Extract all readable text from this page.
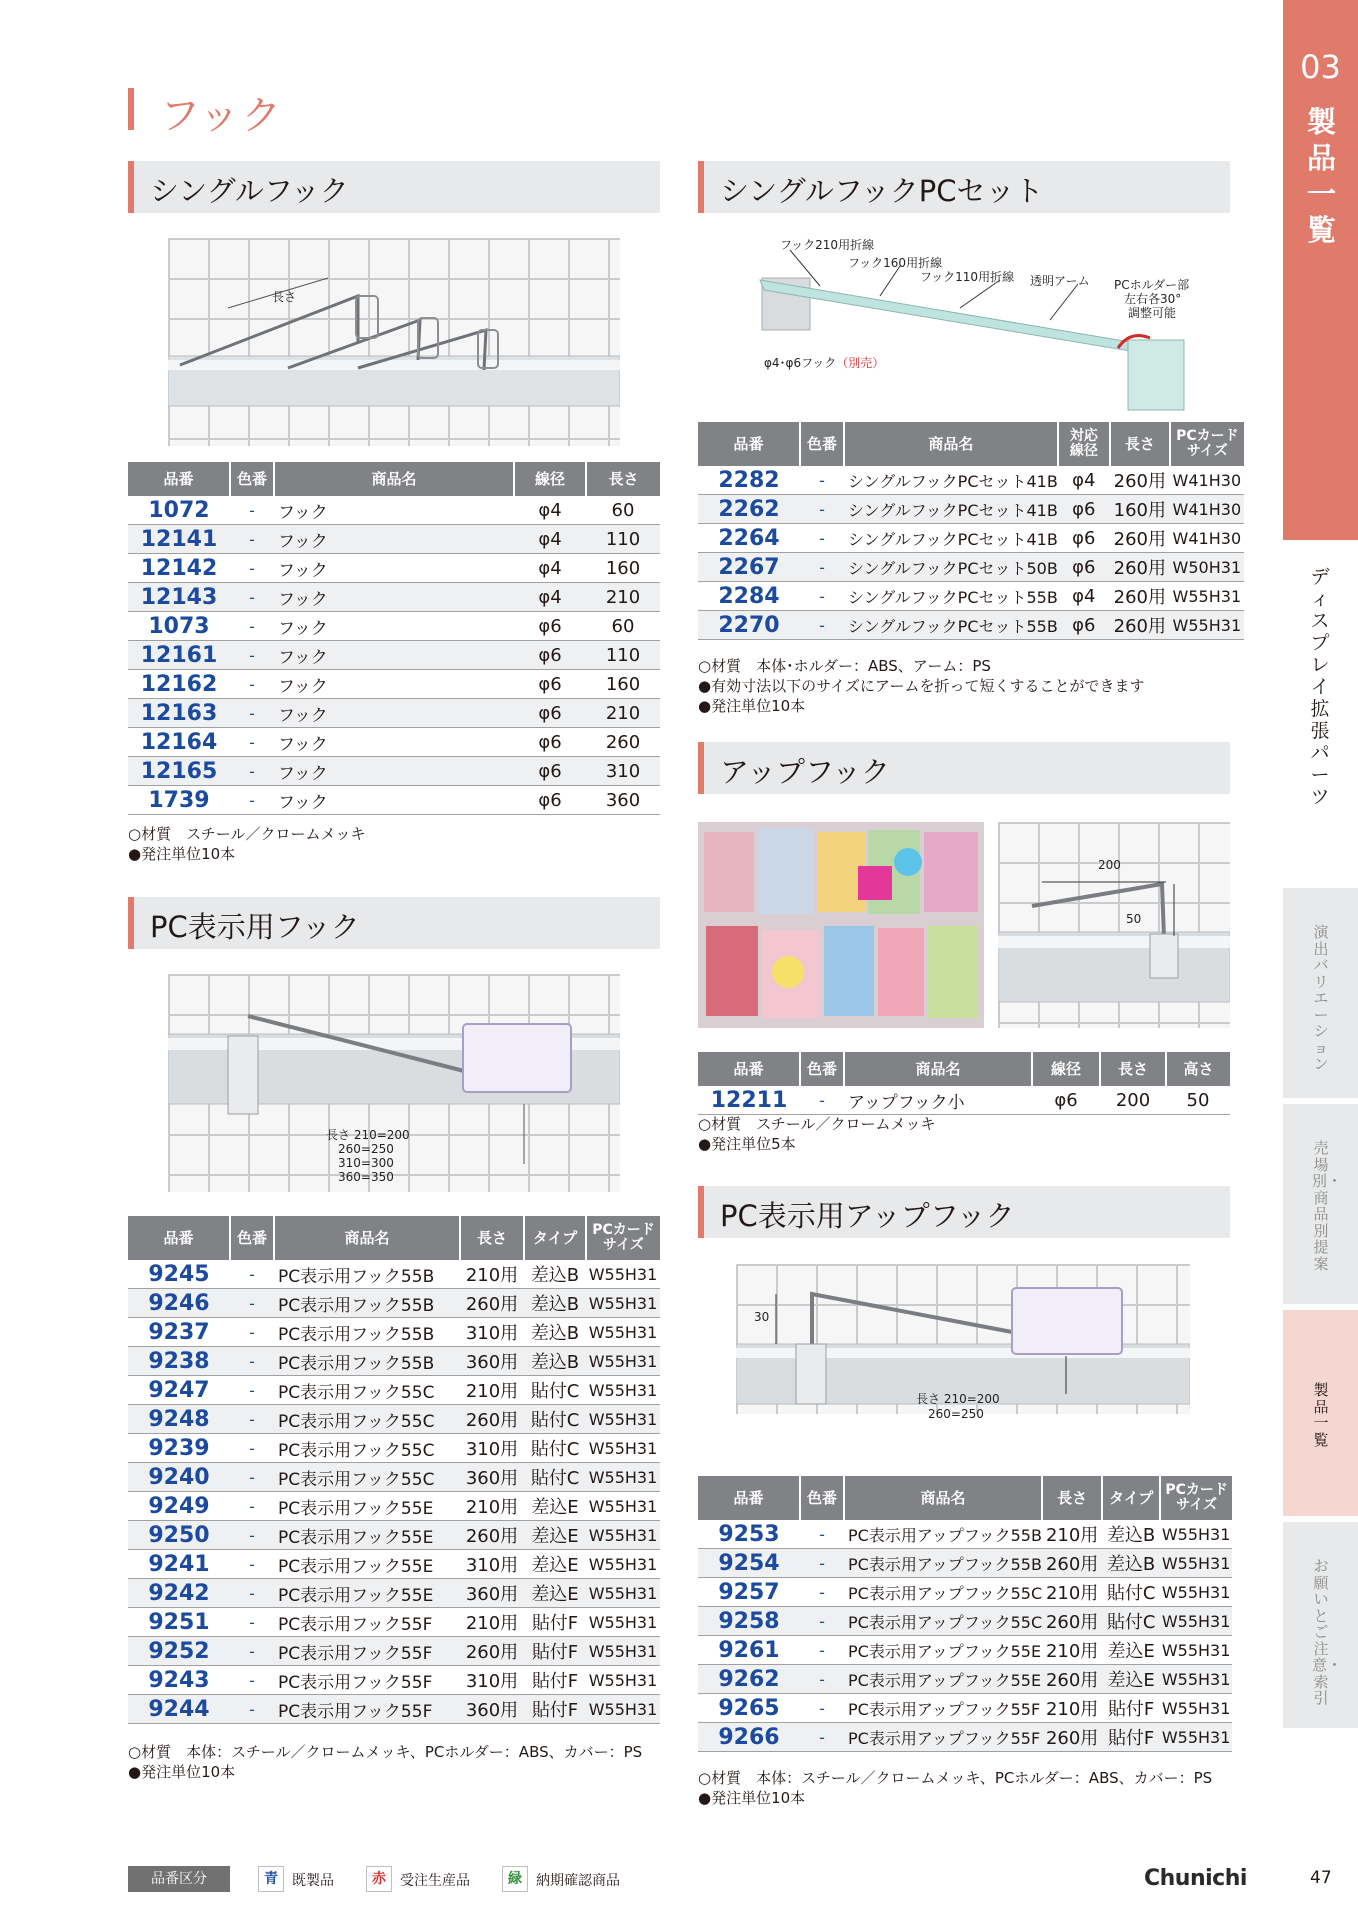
フック
シングルフック
長さ
品番	色番	商品名	線径	長さ
1072	-	フック	φ4	60
12141	-	フック	φ4	110
12142	-	フック	φ4	160
12143	-	フック	φ4	210
1073	-	フック	φ6	60
12161	-	フック	φ6	110
12162	-	フック	φ6	160
12163	-	フック	φ6	210
12164	-	フック	φ6	260
12165	-	フック	φ6	310
1739	-	フック	φ6	360
○材質　スチール／クロームメッキ
●発注単位10本
PC表示用フック
長さ 210=200
260=250
310=300
360=350
品番	色番	商品名	長さ	タイプ	PCカード
サイズ
9245	-	PC表示用フック55B	210用	差込B	W55H31
9246	-	PC表示用フック55B	260用	差込B	W55H31
9237	-	PC表示用フック55B	310用	差込B	W55H31
9238	-	PC表示用フック55B	360用	差込B	W55H31
9247	-	PC表示用フック55C	210用	貼付C	W55H31
9248	-	PC表示用フック55C	260用	貼付C	W55H31
9239	-	PC表示用フック55C	310用	貼付C	W55H31
9240	-	PC表示用フック55C	360用	貼付C	W55H31
9249	-	PC表示用フック55E	210用	差込E	W55H31
9250	-	PC表示用フック55E	260用	差込E	W55H31
9241	-	PC表示用フック55E	310用	差込E	W55H31
9242	-	PC表示用フック55E	360用	差込E	W55H31
9251	-	PC表示用フック55F	210用	貼付F	W55H31
9252	-	PC表示用フック55F	260用	貼付F	W55H31
9243	-	PC表示用フック55F	310用	貼付F	W55H31
9244	-	PC表示用フック55F	360用	貼付F	W55H31
○材質　本体：スチール／クロームメッキ、PCホルダー：ABS、カバー：PS
●発注単位10本
シングルフックPCセット
フック210用折線
フック160用折線
フック110用折線 透明アーム PCホルダー部
左右各30°
調整可能
φ4･φ6フック（別売）
品番	色番	商品名	対応
線径	長さ	PCカード
サイズ
2282	-	シングルフックPCセット41B	φ4	260用	W41H30
2262	-	シングルフックPCセット41B	φ6	160用	W41H30
2264	-	シングルフックPCセット41B	φ6	260用	W41H30
2267	-	シングルフックPCセット50B	φ6	260用	W50H31
2284	-	シングルフックPCセット55B	φ4	260用	W55H31
2270	-	シングルフックPCセット55B	φ6	260用	W55H31
○材質　本体･ホルダー：ABS、アーム：PS
●有効寸法以下のサイズにアームを折って短くすることができます
●発注単位10本
アップフック
200
50
品番	色番	商品名	線径	長さ	高さ
12211	-	アップフック小	φ6	200	50
○材質　スチール／クロームメッキ
●発注単位5本
PC表示用アップフック
30
長さ 210=200
260=250
品番	色番	商品名	長さ	タイプ	PCカード
サイズ
9253	-	PC表示用アップフック55B	210用	差込B	W55H31
9254	-	PC表示用アップフック55B	260用	差込B	W55H31
9257	-	PC表示用アップフック55C	210用	貼付C	W55H31
9258	-	PC表示用アップフック55C	260用	貼付C	W55H31
9261	-	PC表示用アップフック55E	210用	差込E	W55H31
9262	-	PC表示用アップフック55E	260用	差込E	W55H31
9265	-	PC表示用アップフック55F	210用	貼付F	W55H31
9266	-	PC表示用アップフック55F	260用	貼付F	W55H31
○材質　本体：スチール／クロームメッキ、PCホルダー：ABS、カバー：PS
●発注単位10本
03
製品一覧
ディスプレイ拡張パーツ
演出バリエーション
売場別・商品別提案
製品一覧
お願いとご注意・索引
品番区分	青	既製品	赤	受注生産品	緑	納期確認商品	Chunichi	47
